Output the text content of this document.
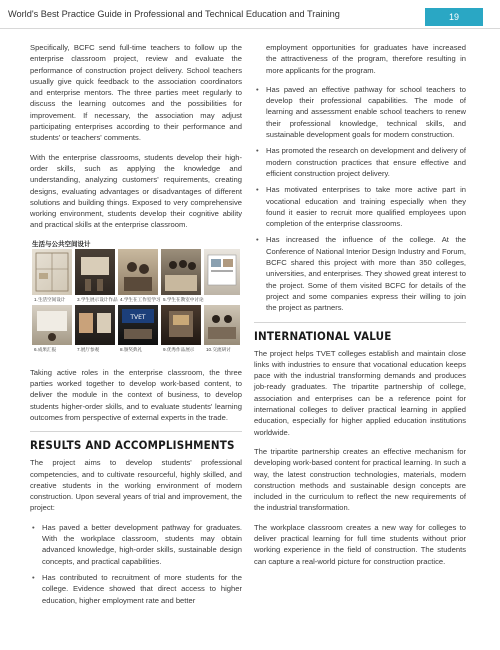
World's Best Practice Guide in Professional and Technical Education and Training	19

Specifically, BCFC send full-time teachers to follow up the enterprise classroom project, review and evaluate the performance of construction project delivery. School teachers usually give quick feedback to the association coordinators and enterprise mentors. The three parties meet regularly to discuss the learning outcomes and the possibilities for improvement. If necessary, the association may adjust participating enterprises according to their performance and students' or teachers' comments.

With the enterprise classrooms, students develop their high-order skills, such as applying the knowledge and understanding, analyzing customers' requirements, creating designs, evaluating advantages or disadvantages of different solutions and building things. Exposed to very comprehensive working environment, students develop their cognitive ability and practical skills at the enterprise classroom.

生活与公共空间设计
1.生活空间设计	3.学生展示设计作品 4.学生在工作室学习 5.学生在教室中讨论
TVET
6.成果汇报	7.展厅参观	8.颁奖典礼	9.优秀作品展示	10.交流研讨

Taking active roles in the enterprise classroom, the three parties worked together to develop work-based content, to deliver the module in the context of business, to develop students higher-order skills, and to evaluate students' learning outcomes from perspective of external experts in the trade.

RESULTS AND ACCOMPLISHMENTS

The project aims to develop students' professional competencies, and to cultivate resourceful, highly skilled, and creative students in the working environment of modern construction. Upon several years of trial and improvement, the project:

• Has paved a better development pathway for graduates. With the workplace classroom, students may obtain advanced knowledge, high-order skills, sustainable design concepts, and practical capabilities.
• Has contributed to recruitment of more students for the college. Evidence showed that direct access to higher education, higher employment rate and better

employment opportunities for graduates have increased the attractiveness of the program, therefore resulting in more applicants for the program.

• Has paved an effective pathway for school teachers to develop their professional capabilities. The mode of learning and assessment enable school teachers to renew their professional knowledge, technical skills, and sustainable development goals for modern construction.
• Has promoted the research on development and delivery of modern construction practices that ensure effective and efficient construction project delivery.
• Has motivated enterprises to take more active part in vocational education and training especially when they found it easier to recruit more qualified employees upon completion of the enterprise classrooms.
• Has increased the influence of the college. At the Conference of National Interior Design Industry and Forum, BCFC shared this project with more than 350 colleges, universities, and enterprises. They showed great interest to the project. Some of them visited BCFC for details of the project and some companies express their willing to join the project as partners.
INTERNATIONAL VALUE

The project helps TVET colleges establish and maintain close links with industries to ensure that vocational education keeps pace with the industrial transforming demands and produces job-ready graduates. The tripartite partnership of college, association and enterprises can be a reference point for international colleges to deliver practical learning in applied education, especially for higher applied education institutions worldwide.

The tripartite partnership creates an effective mechanism for developing work-based content for practical learning. In such a way, the latest construction technologies, materials, modern construction methods and sustainable design concepts are included in the curriculum to reflect the new requirements of the industrial transformation.

The workplace classroom creates a new way for colleges to deliver practical learning for full time students without prior working experience in the field of construction. The students can capture a real-world picture for construction practice.
